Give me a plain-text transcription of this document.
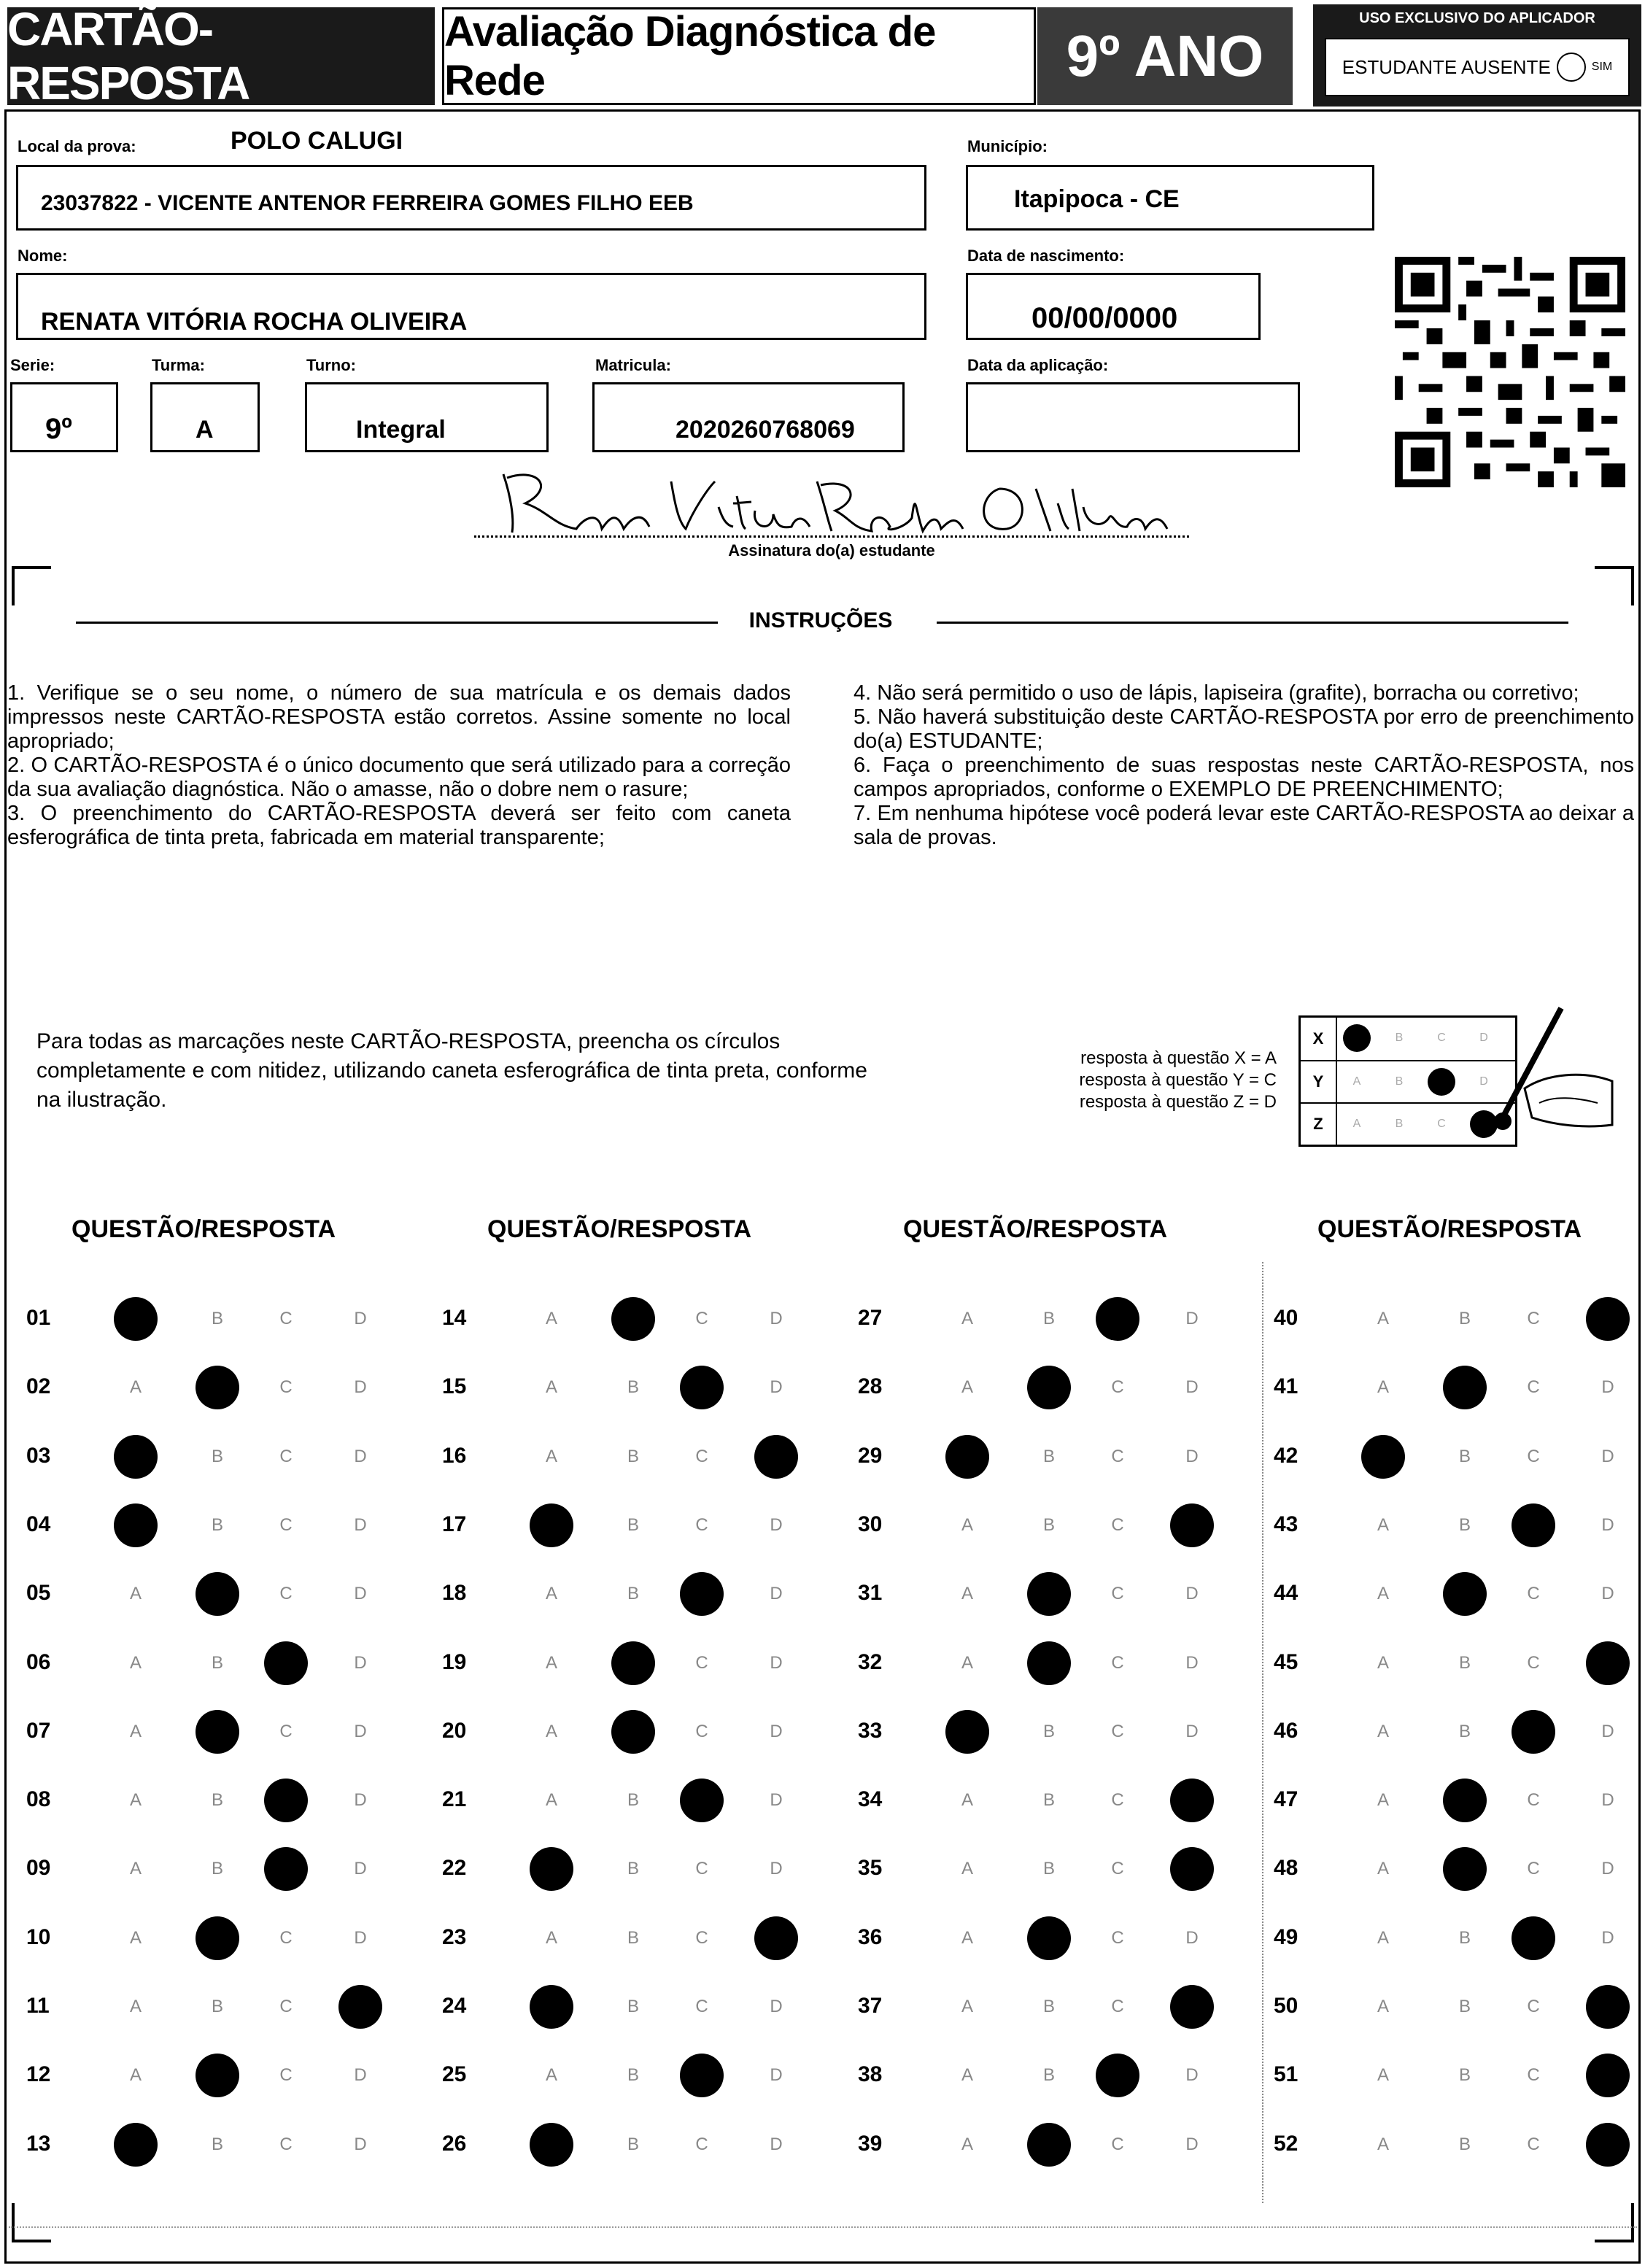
CARTÃO-RESPOSTA
Avaliação Diagnóstica de Rede	9º ANO
USO EXCLUSIVO DO APLICADOR
ESTUDANTE AUSENTE	SIM
Local da prova:	POLO CALUGI
23037822 - VICENTE ANTENOR FERREIRA GOMES FILHO EEB
Município:
Itapipoca - CE
Nome:
RENATA VITÓRIA ROCHA OLIVEIRA
Data de nascimento:
00/00/0000
Serie:
9º
Turma:
A
Turno:
Integral
Matricula:
2020260768069
Data da aplicação:
Assinatura do(a) estudante
INSTRUÇÕES

1. Verifique se o seu nome, o número de sua matrícula e os demais dados impressos neste CARTÃO-RESPOSTA estão corretos. Assine somente no local apropriado;

2. O CARTÃO-RESPOSTA é o único documento que será utilizado para a correção da sua avaliação diagnóstica. Não o amasse, não o dobre nem o rasure;

3. O preenchimento do CARTÃO-RESPOSTA deverá ser feito com caneta esferográfica de tinta preta, fabricada em material transparente;

4. Não será permitido o uso de lápis, lapiseira (grafite), borracha ou corretivo;

5. Não haverá substituição deste CARTÃO-RESPOSTA por erro de preenchimento do(a) ESTUDANTE;

6. Faça o preenchimento de suas respostas neste CARTÃO-RESPOSTA, nos campos apropriados, conforme o EXEMPLO DE PREENCHIMENTO;

7. Em nenhuma hipótese você poderá levar este CARTÃO-RESPOSTA ao deixar a sala de provas.

Para todas as marcações neste CARTÃO-RESPOSTA, preencha os círculos completamente e com nitidez, utilizando caneta esferográfica de tinta preta, conforme na ilustração.
resposta à questão X = A
resposta à questão Y = C
resposta à questão Z = D
X	B	C	D
Y	A	B	D
Z	A	B	C
QUESTÃO/RESPOSTA
01	B	C	D
02	A	C	D
03	B	C	D
04	B	C	D
05	A	C	D
06	A	B	D
07	A	C	D
08	A	B	D
09	A	B	D
10	A	C	D
11	A	B	C
12	A	C	D
13	B	C	D
QUESTÃO/RESPOSTA
14	A	C	D
15	A	B	D
16	A	B	C
17	B	C	D
18	A	B	D
19	A	C	D
20	A	C	D
21	A	B	D
22	B	C	D
23	A	B	C
24	B	C	D
25	A	B	D
26	B	C	D
QUESTÃO/RESPOSTA
27	A	B	D
28	A	C	D
29	B	C	D
30	A	B	C
31	A	C	D
32	A	C	D
33	B	C	D
34	A	B	C
35	A	B	C
36	A	C	D
37	A	B	C
38	A	B	D
39	A	C	D
QUESTÃO/RESPOSTA
40	A	B	C
41	A	C	D
42	B	C	D
43	A	B	D
44	A	C	D
45	A	B	C
46	A	B	D
47	A	C	D
48	A	C	D
49	A	B	D
50	A	B	C
51	A	B	C
52	A	B	C
